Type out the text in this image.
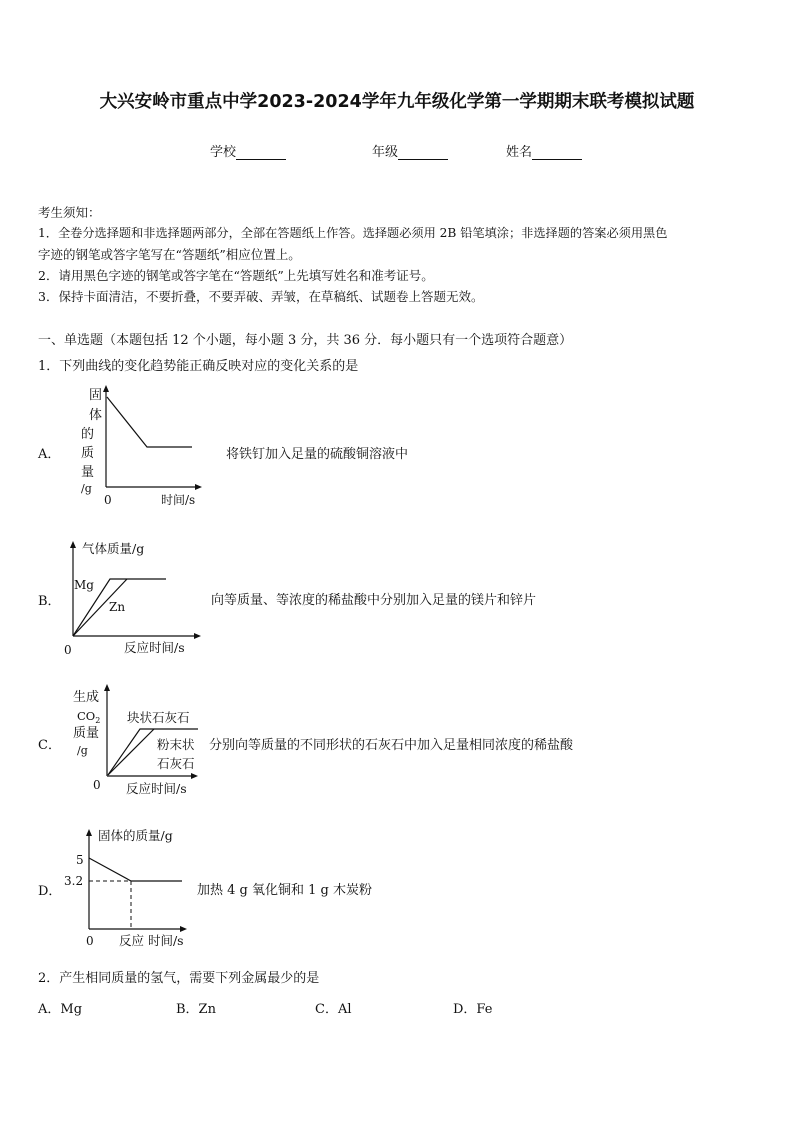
大兴安岭市重点中学2023-2024学年九年级化学第一学期期末联考模拟试题
学校	年级	姓名
考生须知：
1．全卷分选择题和非选择题两部分，全部在答题纸上作答。选择题必须用 2B 铅笔填涂；非选择题的答案必须用黑色
字迹的钢笔或答字笔写在“答题纸”相应位置上。
2．请用黑色字迹的钢笔或答字笔在“答题纸”上先填写姓名和准考证号。
3．保持卡面清洁，不要折叠，不要弄破、弄皱，在草稿纸、试题卷上答题无效。
一、单选题（本题包括 12 个小题，每小题 3 分，共 36 分．每小题只有一个选项符合题意）
1．下列曲线的变化趋势能正确反映对应的变化关系的是
A．
固
体
的
质
量
/g
0	时间/s
将铁钉加入足量的硫酸铜溶液中
B．
气体质量/g
Mg
Zn
0	反应时间/s
向等质量、等浓度的稀盐酸中分别加入足量的镁片和锌片
C．
生成
$CO_2$
质量
/g
块状石灰石
粉末状
石灰石
0 反应时间/s
分别向等质量的不同形状的石灰石中加入足量相同浓度的稀盐酸
D．
固体的质量/g
5
3.2
0 反应 时间/s
加热 4 g 氧化铜和 1 g 木炭粉
2．产生相同质量的氢气，需要下列金属最少的是
A．Mg	B．Zn	C．Al	D．Fe
